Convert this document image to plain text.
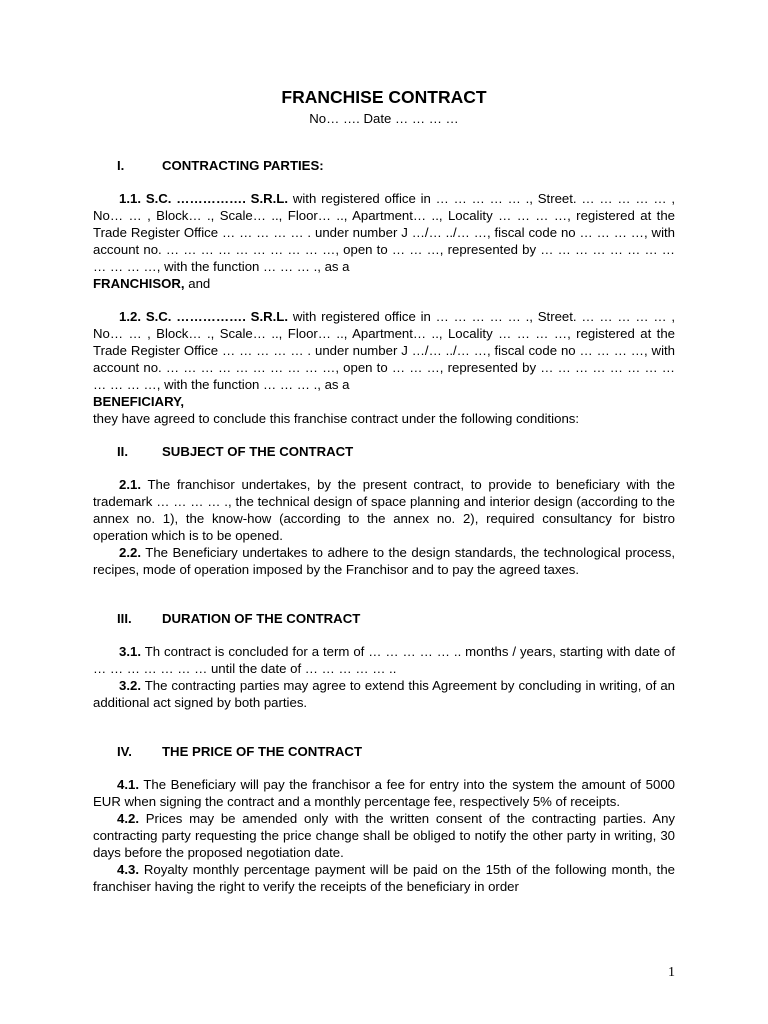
FRANCHISE CONTRACT
No… …. Date … … … …
I.	CONTRACTING PARTIES:

1.1. S.C. ……………. S.R.L. with registered office in … … … … … ., Street. … … … … … , No… … , Block… ., Scale… .., Floor… .., Apartment… .., Locality … … … …, registered at the Trade Register Office … … … … … . under number J …/… ../… …, fiscal code no … … … …, with account no. … … … … … … … … … …, open to … … …, represented by … … … … … … … … … … … …, with the function … … … ., as a
FRANCHISOR, and

1.2. S.C. ……………. S.R.L. with registered office in … … … … … ., Street. … … … … … , No… … , Block… ., Scale… .., Floor… .., Apartment… .., Locality … … … …, registered at the Trade Register Office … … … … … . under number J …/… ../… …, fiscal code no … … … …, with account no. … … … … … … … … … …, open to … … …, represented by … … … … … … … … … … … …, with the function … … … ., as a
BENEFICIARY,

they have agreed to conclude this franchise contract under the following conditions:

II.	SUBJECT OF THE CONTRACT

2.1. The franchisor undertakes, by the present contract, to provide to beneficiary with the trademark … … … … ., the technical design of space planning and interior design (according to the annex no. 1), the know-how (according to the annex no. 2), required consultancy for bistro operation which is to be opened.

2.2. The Beneficiary undertakes to adhere to the design standards, the technological process, recipes, mode of operation imposed by the Franchisor and to pay the agreed taxes.

III.	DURATION OF THE CONTRACT

3.1. Th contract is concluded for a term of … … … … … .. months / years, starting with date of … … … … … … … until the date of … … … … … ..

3.2. The contracting parties may agree to extend this Agreement by concluding in writing, of an additional act signed by both parties.

IV.	THE PRICE OF THE CONTRACT

4.1. The Beneficiary will pay the franchisor a fee for entry into the system the amount of 5000 EUR when signing the contract and a monthly percentage fee, respectively 5% of receipts.

4.2. Prices may be amended only with the written consent of the contracting parties. Any contracting party requesting the price change shall be obliged to notify the other party in writing, 30 days before the proposed negotiation date.

4.3. Royalty monthly percentage payment will be paid on the 15th of the following month, the franchiser having the right to verify the receipts of the beneficiary in order

1
